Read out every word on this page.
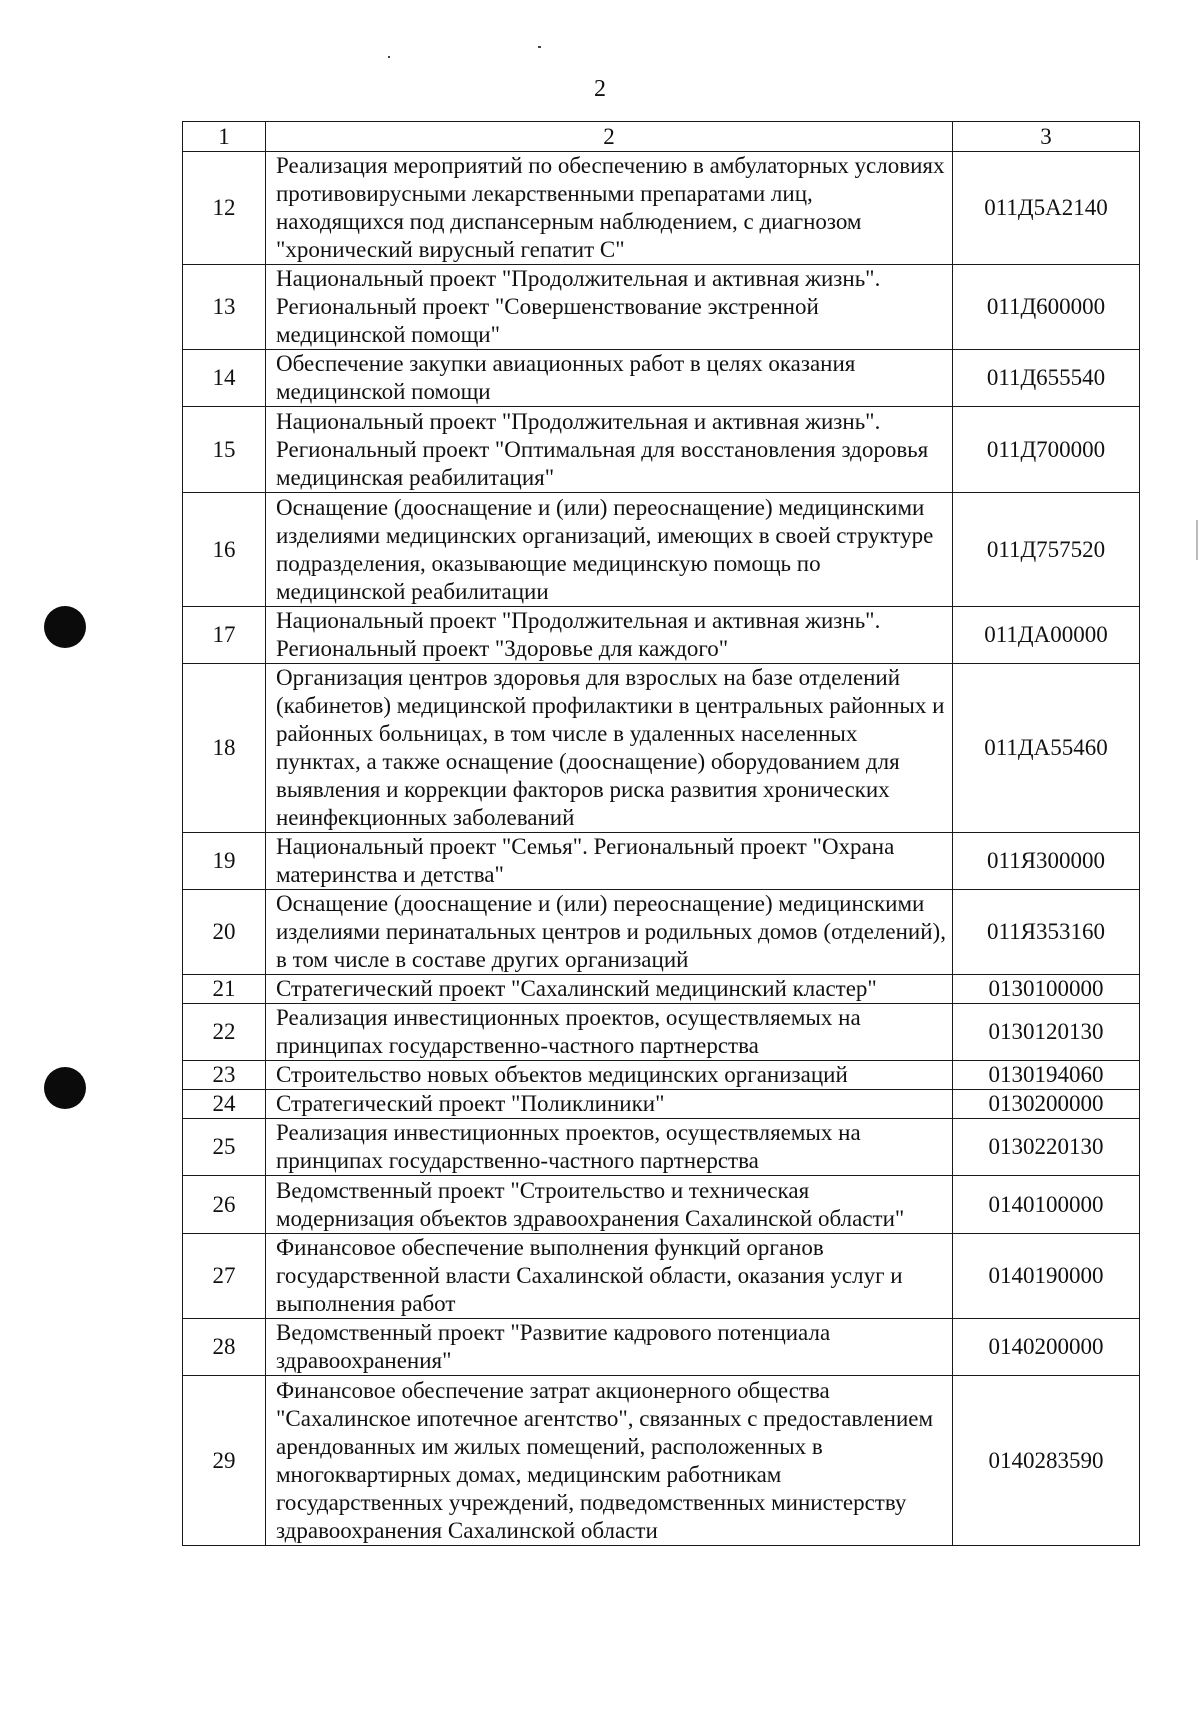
2
1	2	3
12	Реализация мероприятий по обеспечению в амбулаторных условиях противовирусными лекарственными препаратами лиц, находящихся под диспансерным наблюдением, с диагнозом "хронический вирусный гепатит С"	011Д5А2140
13	Национальный проект "Продолжительная и активная жизнь". Региональный проект "Совершенствование экстренной медицинской помощи"	011Д600000
14	Обеспечение закупки авиационных работ в целях оказания медицинской помощи	011Д655540
15	Национальный проект "Продолжительная и активная жизнь". Региональный проект "Оптимальная для восстановления здоровья медицинская реабилитация"	011Д700000
16	Оснащение (дооснащение и (или) переоснащение) медицинскими изделиями медицинских организаций, имеющих в своей структуре подразделения, оказывающие медицинскую помощь по медицинской реабилитации	011Д757520
17	Национальный проект "Продолжительная и активная жизнь". Региональный проект "Здоровье для каждого"	011ДА00000
18	Организация центров здоровья для взрослых на базе отделений (кабинетов) медицинской профилактики в центральных районных и районных больницах, в том числе в удаленных населенных пунктах, а также оснащение (дооснащение) оборудованием для выявления и коррекции факторов риска развития хронических неинфекционных заболеваний	011ДА55460
19	Национальный проект "Семья". Региональный проект "Охрана материнства и детства"	011Я300000
20	Оснащение (дооснащение и (или) переоснащение) медицинскими изделиями перинатальных центров и родильных домов (отделений), в том числе в составе других организаций	011Я353160
21	Стратегический проект "Сахалинский медицинский кластер"	0130100000
22	Реализация инвестиционных проектов, осуществляемых на принципах государственно-частного партнерства	0130120130
23	Строительство новых объектов медицинских организаций	0130194060
24	Стратегический проект "Поликлиники"	0130200000
25	Реализация инвестиционных проектов, осуществляемых на принципах государственно-частного партнерства	0130220130
26	Ведомственный проект "Строительство и техническая модернизация объектов здравоохранения Сахалинской области"	0140100000
27	Финансовое обеспечение выполнения функций органов государственной власти Сахалинской области, оказания услуг и выполнения работ	0140190000
28	Ведомственный проект "Развитие кадрового потенциала здравоохранения"	0140200000
29	Финансовое обеспечение затрат акционерного общества "Сахалинское ипотечное агентство", связанных с предоставлением арендованных им жилых помещений, расположенных в многоквартирных домах, медицинским работникам государственных учреждений, подведомственных министерству здравоохранения Сахалинской области	0140283590
